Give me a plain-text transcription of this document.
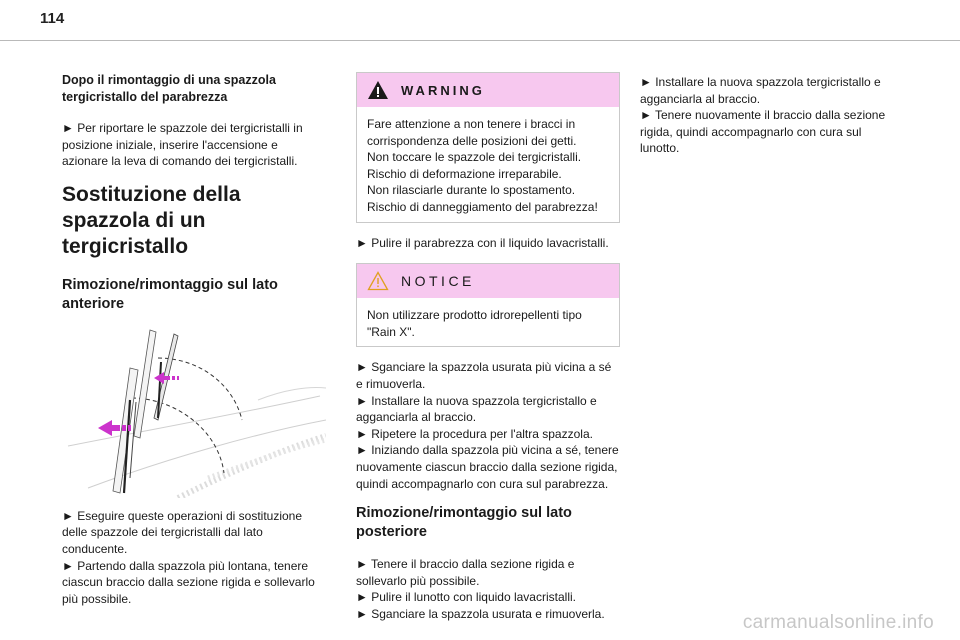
114
Dopo il rimontaggio di una spazzola tergicristallo del parabrezza

► Per riportare le spazzole dei tergicristalli in posizione iniziale, inserire l'accensione e azionare la leva di comando dei tergicristalli.

Sostituzione della spazzola di un tergicristallo
Rimozione/rimontaggio sul lato anteriore

► Eseguire queste operazioni di sostituzione delle spazzole dei tergicristalli dal lato conducente.

► Partendo dalla spazzola più lontana, tenere ciascun braccio dalla sezione rigida e sollevarlo più possibile.

WARNING

Fare attenzione a non tenere i bracci in corrispondenza delle posizioni dei getti.

Non toccare le spazzole dei tergicristalli. Rischio di deformazione irreparabile.

Non rilasciarle durante lo spostamento. Rischio di danneggiamento del parabrezza!

► Pulire il parabrezza con il liquido lavacristalli.

NOTICE

Non utilizzare prodotto idrorepellenti tipo "Rain X".

► Sganciare la spazzola usurata più vicina a sé e rimuoverla.

► Installare la nuova spazzola tergicristallo e agganciarla al braccio.

► Ripetere la procedura per l'altra spazzola.

► Iniziando dalla spazzola più vicina a sé, tenere nuovamente ciascun braccio dalla sezione rigida, quindi accompagnarlo con cura sul parabrezza.

Rimozione/rimontaggio sul lato posteriore

► Tenere il braccio dalla sezione rigida e sollevarlo più possibile.

► Pulire il lunotto con liquido lavacristalli.

► Sganciare la spazzola usurata e rimuoverla.

► Installare la nuova spazzola tergicristallo e agganciarla al braccio.

► Tenere nuovamente il braccio dalla sezione rigida, quindi accompagnarlo con cura sul lunotto.

carmanualsonline.info
